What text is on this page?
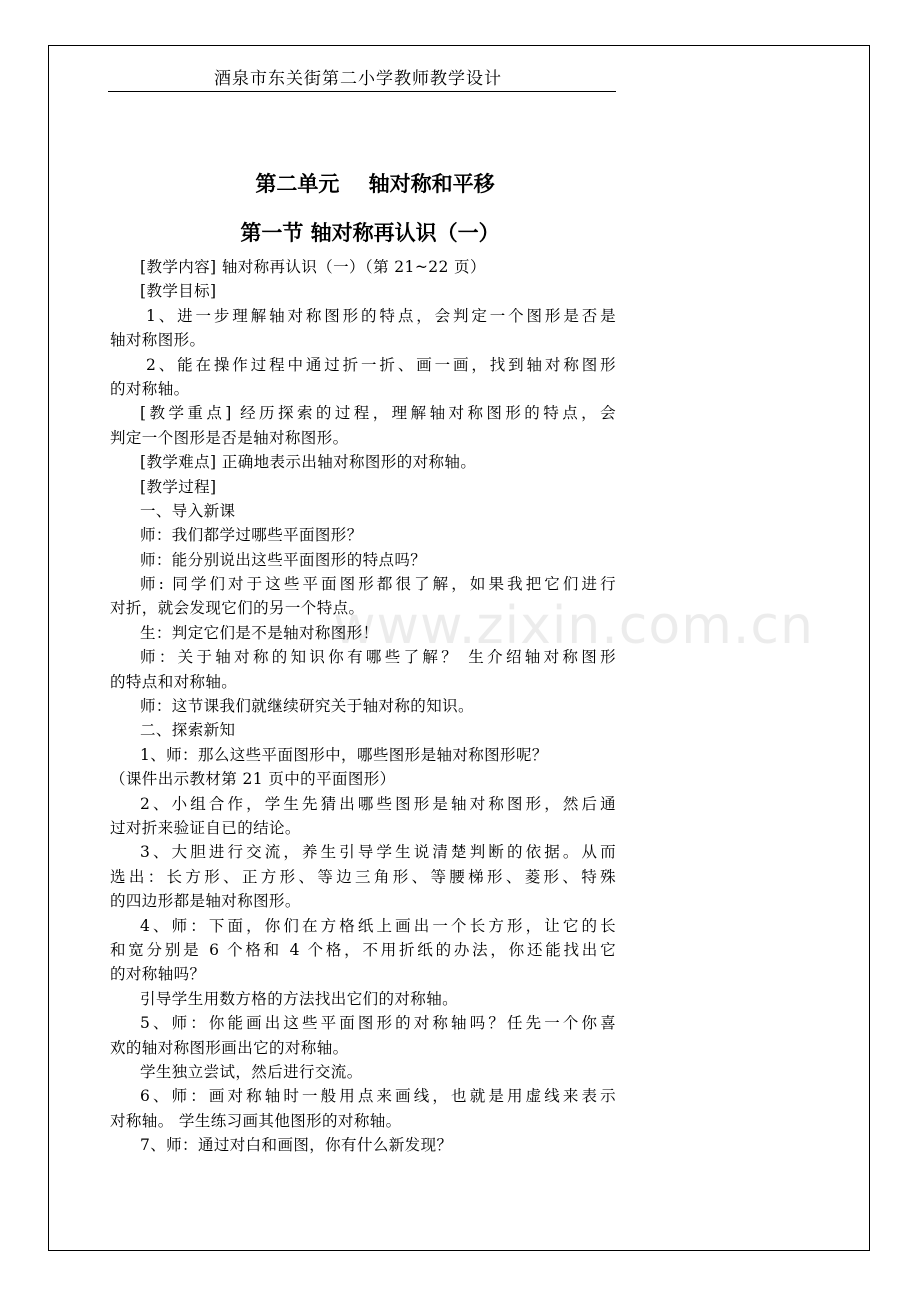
酒泉市东关街第二小学教师教学设计
第二单元    轴对称和平移
第一节 轴对称再认识（一）
www.zixin.com.cn
[教学内容] 轴对称再认识（一）（第 21~22 页）
[教学目标]
1、进一步理解轴对称图形的特点，会判定一个图形是否是
轴对称图形。
2、能在操作过程中通过折一折、画一画，找到轴对称图形
的对称轴。
[教学重点] 经历探索的过程，理解轴对称图形的特点，会
判定一个图形是否是轴对称图形。
[教学难点] 正确地表示出轴对称图形的对称轴。
[教学过程]
一、导入新课
师：我们都学过哪些平面图形？
师：能分别说出这些平面图形的特点吗？
师: 同学们对于这些平面图形都很了解，如果我把它们进行
对折，就会发现它们的另一个特点。
生：判定它们是不是轴对称图形！
师：关于轴对称的知识你有哪些了解？ 生介绍轴对称图形
的特点和对称轴。
师：这节课我们就继续研究关于轴对称的知识。
二、探索新知
1、师：那么这些平面图形中，哪些图形是轴对称图形呢？
（课件出示教材第 21 页中的平面图形）
2、小组合作，学生先猜出哪些图形是轴对称图形，然后通
过对折来验证自已的结论。
3、大胆进行交流，养生引导学生说清楚判断的依据。从而
选出：长方形、正方形、等边三角形、等腰梯形、菱形、特殊
的四边形都是轴对称图形。
4、师：下面，你们在方格纸上画出一个长方形，让它的长
和宽分别是 6 个格和 4 个格，不用折纸的办法，你还能找出它
的对称轴吗？
引导学生用数方格的方法找出它们的对称轴。
5、师：你能画出这些平面图形的对称轴吗？任先一个你喜
欢的轴对称图形画出它的对称轴。
学生独立尝试，然后进行交流。
6、师：画对称轴时一般用点来画线，也就是用虚线来表示
对称轴。 学生练习画其他图形的对称轴。
7、师：通过对白和画图，你有什么新发现？
